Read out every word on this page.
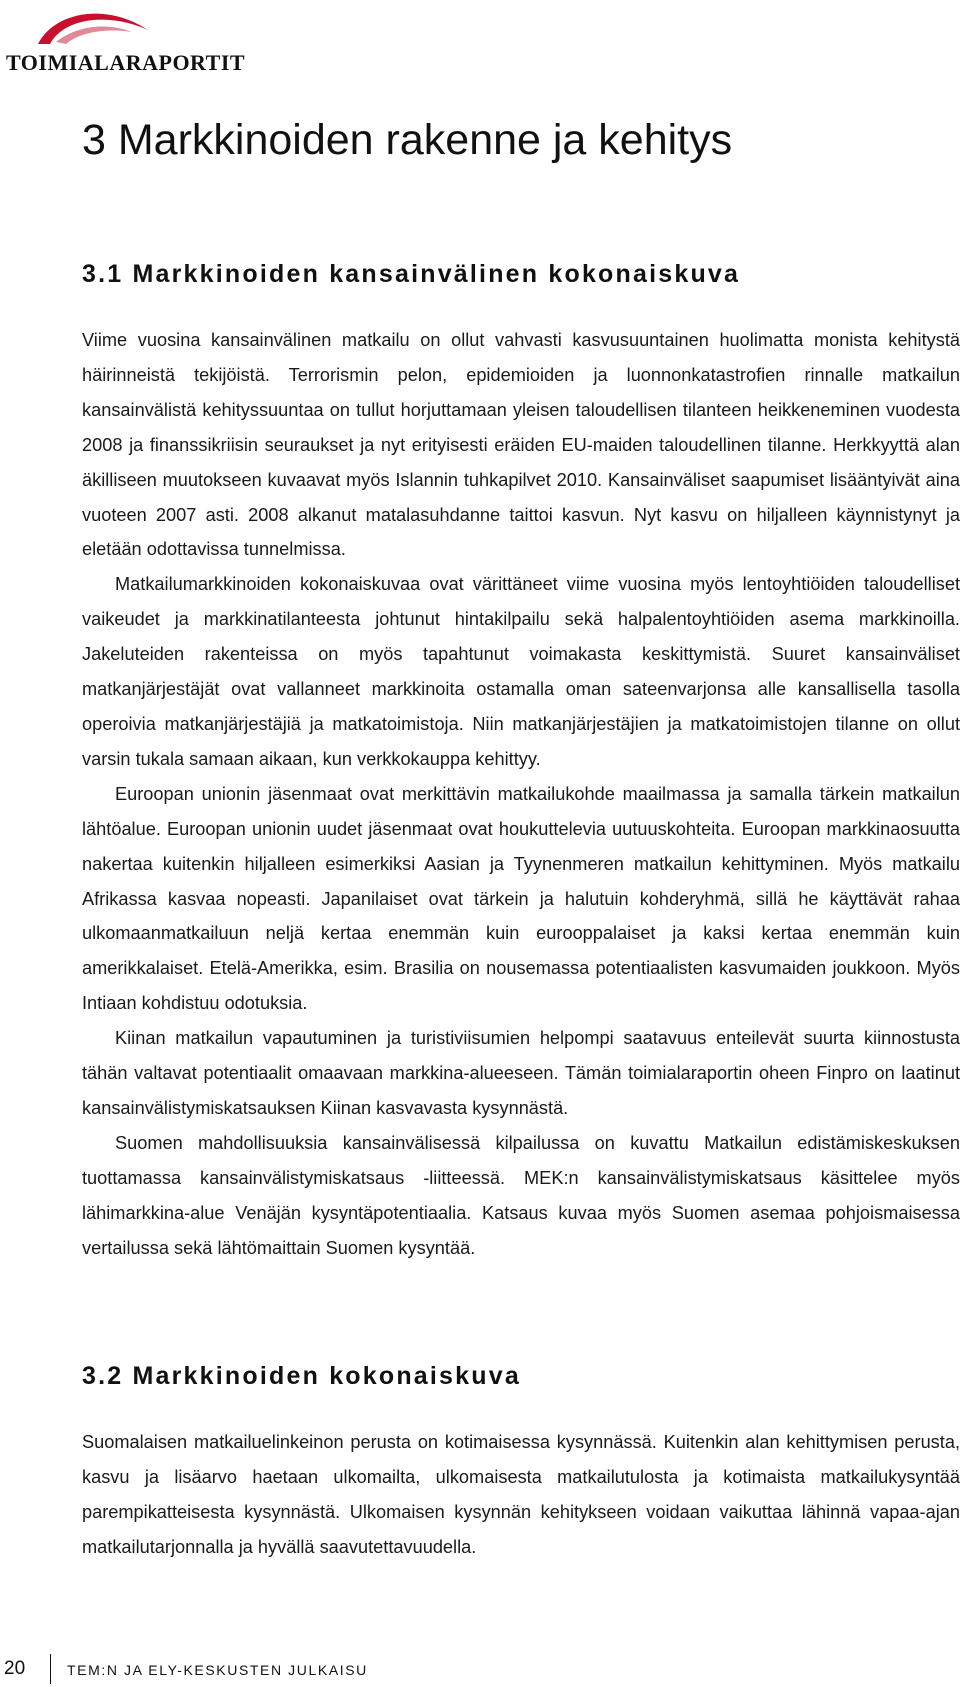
TOIMIALARAPORTIT
3 Markkinoiden rakenne ja kehitys
3.1 Markkinoiden kansainvälinen kokonaiskuva

Viime vuosina kansainvälinen matkailu on ollut vahvasti kasvusuuntainen huolimatta monista kehitystä häirinneistä tekijöistä. Terrorismin pelon, epidemioiden ja luonnonkatastrofien rinnalle matkailun kansainvälistä kehityssuuntaa on tullut horjuttamaan yleisen taloudellisen tilanteen heikkeneminen vuodesta 2008 ja finanssikriisin seuraukset ja nyt erityisesti eräiden EU-maiden taloudellinen tilanne. Herkkyyttä alan äkilliseen muutokseen kuvaavat myös Islannin tuhkapilvet 2010. Kansainväliset saapumiset lisääntyivät aina vuoteen 2007 asti. 2008 alkanut matalasuhdanne taittoi kasvun. Nyt kasvu on hiljalleen käynnistynyt ja eletään odottavissa tunnelmissa.

Matkailumarkkinoiden kokonaiskuvaa ovat värittäneet viime vuosina myös lentoyhtiöiden taloudelliset vaikeudet ja markkinatilanteesta johtunut hintakilpailu sekä halpalentoyhtiöiden asema markkinoilla. Jakeluteiden rakenteissa on myös tapahtunut voimakasta keskittymistä. Suuret kansainväliset matkanjärjestäjät ovat vallanneet markkinoita ostamalla oman sateenvarjonsa alle kansallisella tasolla operoivia matkanjärjestäjiä ja matkatoimistoja. Niin matkanjärjestäjien ja matkatoimistojen tilanne on ollut varsin tukala samaan aikaan, kun verkkokauppa kehittyy.

Euroopan unionin jäsenmaat ovat merkittävin matkailukohde maailmassa ja samalla tärkein matkailun lähtöalue. Euroopan unionin uudet jäsenmaat ovat houkuttelevia uutuuskohteita. Euroopan markkinaosuutta nakertaa kuitenkin hiljalleen esimerkiksi Aasian ja Tyynenmeren matkailun kehittyminen. Myös matkailu Afrikassa kasvaa nopeasti. Japanilaiset ovat tärkein ja halutuin kohderyhmä, sillä he käyttävät rahaa ulkomaanmatkailuun neljä kertaa enemmän kuin eurooppalaiset ja kaksi kertaa enemmän kuin amerikkalaiset. Etelä-Amerikka, esim. Brasilia on nousemassa potentiaalisten kasvumaiden joukkoon. Myös Intiaan kohdistuu odotuksia.

Kiinan matkailun vapautuminen ja turistiviisumien helpompi saatavuus enteilevät suurta kiinnostusta tähän valtavat potentiaalit omaavaan markkina-alueeseen. Tämän toimialaraportin oheen Finpro on laatinut kansainvälistymiskatsauksen Kiinan kasvavasta kysynnästä.

Suomen mahdollisuuksia kansainvälisessä kilpailussa on kuvattu Matkailun edistämiskeskuksen tuottamassa kansainvälistymiskatsaus -liitteessä. MEK:n kansainvälistymiskatsaus käsittelee myös lähimarkkina-alue Venäjän kysyntäpotentiaalia. Katsaus kuvaa myös Suomen asemaa pohjoismaisessa vertailussa sekä lähtömaittain Suomen kysyntää.

3.2 Markkinoiden kokonaiskuva

Suomalaisen matkailuelinkeinon perusta on kotimaisessa kysynnässä. Kuitenkin alan kehittymisen perusta, kasvu ja lisäarvo haetaan ulkomailta, ulkomaisesta matkailutulosta ja kotimaista matkailukysyntää parempikatteisesta kysynnästä. Ulkomaisen kysynnän kehitykseen voidaan vaikuttaa lähinnä vapaa-ajan matkailutarjonnalla ja hyvällä saavutettavuudella.

20	TEM:N JA ELY-KESKUSTEN JULKAISU
